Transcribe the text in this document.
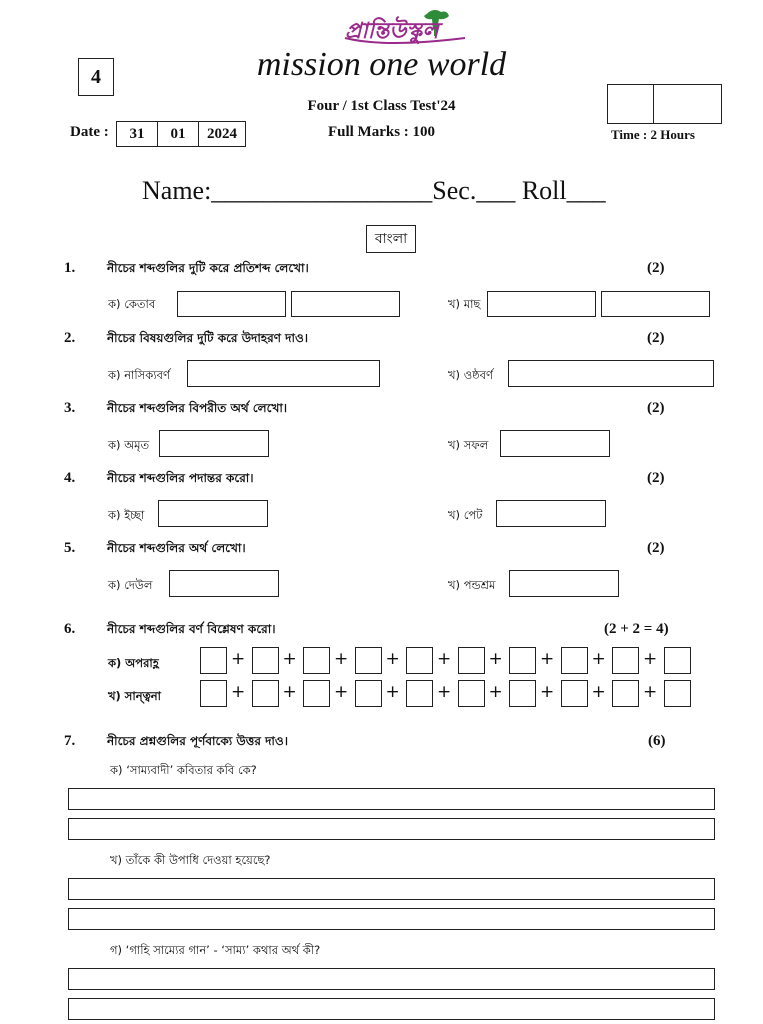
প্রান্তিউস্কুল
mission one world
4
Four / 1st Class Test'24
Full Marks : 100
Date : 31 01 2024	Time : 2 Hours
Name:_________________Sec.___ Roll___
বাংলা
1.	নীচের শব্দগুলির দুটি করে প্রতিশব্দ লেখো।	(2)
ক) কেতাব	খ) মাছ
2.	নীচের বিষয়গুলির দুটি করে উদাহরণ দাও।	(2)
ক) নাসিক্যবর্ণ	খ) ওষ্ঠবর্ণ
3.	নীচের শব্দগুলির বিপরীত অর্থ লেখো।	(2)
ক) অমৃত	খ) সফল
4.	নীচের শব্দগুলির পদান্তর করো।	(2)
ক) ইচ্ছা	খ) পেট
5.	নীচের শব্দগুলির অর্থ লেখো।	(2)
ক) দেউল	খ) পন্ডশ্রম
6.	নীচের শব্দগুলির বর্ণ বিশ্লেষণ করো।	(2 + 2 = 4)
ক) অপরাহ্ণ
খ) সান্ত্বনা
+ + + + + + + + +
+ + + + + + + + +
7.	নীচের প্রশ্নগুলির পূর্ণবাক্যে উত্তর দাও।	(6)
ক) ‘সাম্যবাদী’ কবিতার কবি কে?
খ) তাঁকে কী উপাধি দেওয়া হয়েছে?
গ) ‘গাহি সাম্যের গান’ - ‘সাম্য’ কথার অর্থ কী?
